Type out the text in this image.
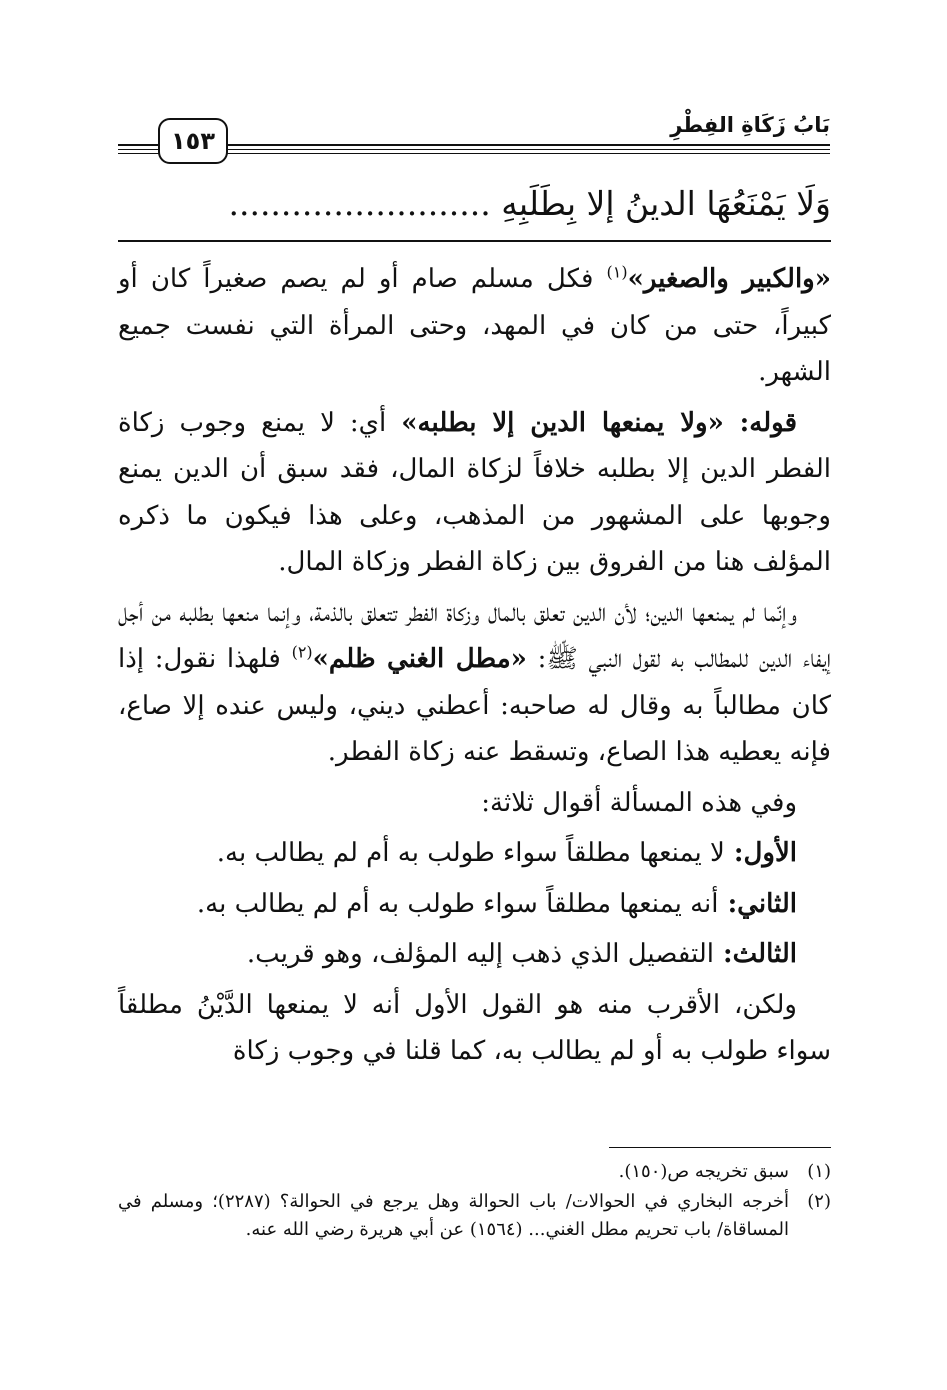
بَابُ زَكَاةِ الفِطْرِ
١٥٣
وَلَا يَمْنَعُهَا الدينُ إلا بِطَلَبِهِ .........................

«والكبير والصغير»$^{(١)}$ فكل مسلم صام أو لم يصم صغيراً كان أو كبيراً، حتى من كان في المهد، وحتى المرأة التي نفست جميع الشهر.

قوله: «ولا يمنعها الدين إلا بطلبه» أي: لا يمنع وجوب زكاة الفطر الدين إلا بطلبه خلافاً لزكاة المال، فقد سبق أن الدين يمنع وجوبها على المشهور من المذهب، وعلى هذا فيكون ما ذكره المؤلف هنا من الفروق بين زكاة الفطر وزكاة المال.

وإنّما لم يمنعها الدين؛ لأن الدين تعلق بالمال وزكاة الفطر تتعلق بالذمة، وإنما منعها بطلبه من أجل إيفاء الدين للمطالب به لقول النبي ﷺ: «مطل الغني ظلم»$^{(٢)}$ فلهذا نقول: إذا كان مطالباً به وقال له صاحبه: أعطني ديني، وليس عنده إلا صاع، فإنه يعطيه هذا الصاع، وتسقط عنه زكاة الفطر.

وفي هذه المسألة أقوال ثلاثة:

الأول: لا يمنعها مطلقاً سواء طولب به أم لم يطالب به.

الثاني: أنه يمنعها مطلقاً سواء طولب به أم لم يطالب به.

الثالث: التفصيل الذي ذهب إليه المؤلف، وهو قريب.

ولكن، الأقرب منه هو القول الأول أنه لا يمنعها الدَّيْنُ مطلقاً سواء طولب به أو لم يطالب به، كما قلنا في وجوب زكاة

(١)
سبق تخريجه ص(١٥٠).
(٢)
أخرجه البخاري في الحوالات/ باب الحوالة وهل يرجع في الحوالة؟ (٢٢٨٧)؛ ومسلم في المساقاة/ باب تحريم مطل الغني... (١٥٦٤) عن أبي هريرة رضي الله عنه.
